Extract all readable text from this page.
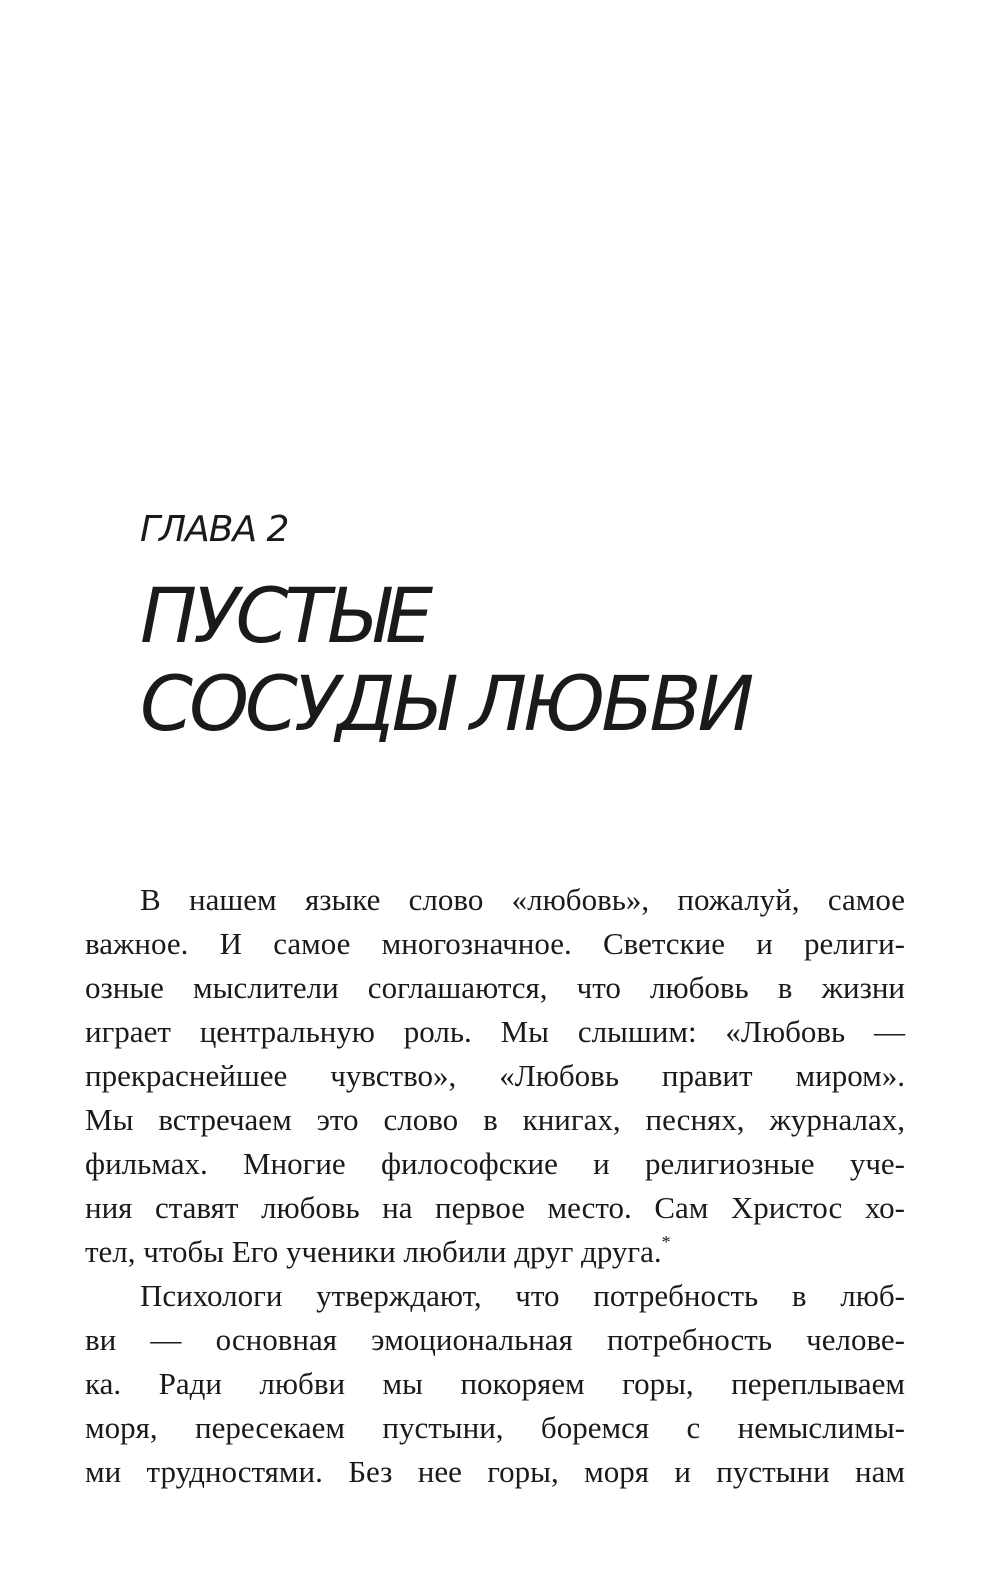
ГЛАВА 2
ПУСТЫЕ
СОСУДЫ ЛЮБВИ
В нашем языке слово «любовь», пожалуй, самое
важное. И самое многозначное. Светские и религи-
озные мыслители соглашаются, что любовь в жизни
играет центральную роль. Мы слышим: «Любовь —
прекраснейшее чувство», «Любовь правит миром».
Мы встречаем это слово в книгах, песнях, журналах,
фильмах. Многие философские и религиозные уче-
ния ставят любовь на первое место. Сам Христос хо-
тел, чтобы Его ученики любили друг друга.*
Психологи утверждают, что потребность в люб-
ви — основная эмоциональная потребность челове-
ка. Ради любви мы покоряем горы, переплываем
моря, пересекаем пустыни, боремся с немыслимы-
ми трудностями. Без нее горы, моря и пустыни нам
